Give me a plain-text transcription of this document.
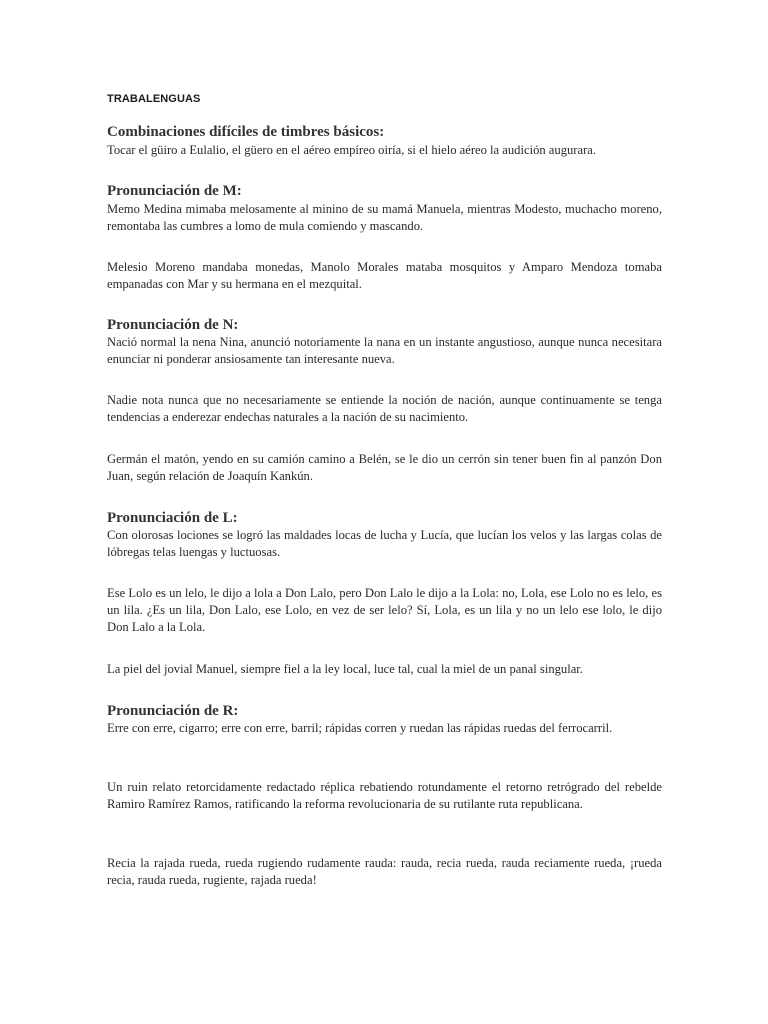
TRABALENGUAS
Combinaciones difíciles de timbres básicos:

Tocar el güiro a Eulalio, el güero en el aéreo empíreo oiría, si el hielo aéreo la audición augurara.

Pronunciación de M:

Memo Medina mimaba melosamente al minino de su mamá Manuela, mientras Modesto, muchacho moreno, remontaba las cumbres a lomo de mula comiendo y mascando.

Melesio Moreno mandaba monedas, Manolo Morales mataba mosquitos y Amparo Mendoza tomaba empanadas con Mar y su hermana en el mezquital.

Pronunciación de N:

Nació normal la nena Nina, anunció notoriamente la nana en un instante angustioso, aunque nunca necesitara enunciar ni ponderar ansiosamente tan interesante nueva.

Nadie nota nunca que no necesariamente se entiende la noción de nación, aunque continuamente se tenga tendencias a enderezar endechas naturales a la nación de su nacimiento.

Germán el matón, yendo en su camión camino a Belén, se le dio un cerrón sin tener buen fin al panzón Don Juan, según relación de Joaquín Kankún.

Pronunciación de L:

Con olorosas lociones se logró las maldades locas de lucha y Lucía, que lucían los velos y las largas colas de lóbregas telas luengas y luctuosas.

Ese Lolo es un lelo, le dijo a lola a Don Lalo, pero Don Lalo le dijo a la Lola: no, Lola, ese Lolo no es lelo, es un lila. ¿Es un lila, Don Lalo, ese Lolo, en vez de ser lelo? Sí, Lola, es un lila y no un lelo ese lolo, le dijo Don Lalo a la Lola.

La piel del jovial Manuel, siempre fiel a la ley local, luce tal, cual la miel de un panal singular.

Pronunciación de R:

Erre con erre, cigarro; erre con erre, barril; rápidas corren y ruedan las rápidas ruedas del ferrocarril.

Un ruin relato retorcidamente redactado réplica rebatiendo rotundamente el retorno retrógrado del rebelde Ramiro Ramírez Ramos, ratificando la reforma revolucionaria de su rutilante ruta republicana.

Recia la rajada rueda, rueda rugiendo rudamente rauda: rauda, recia rueda, rauda reciamente rueda, ¡rueda recia, rauda rueda, rugiente, rajada rueda!
